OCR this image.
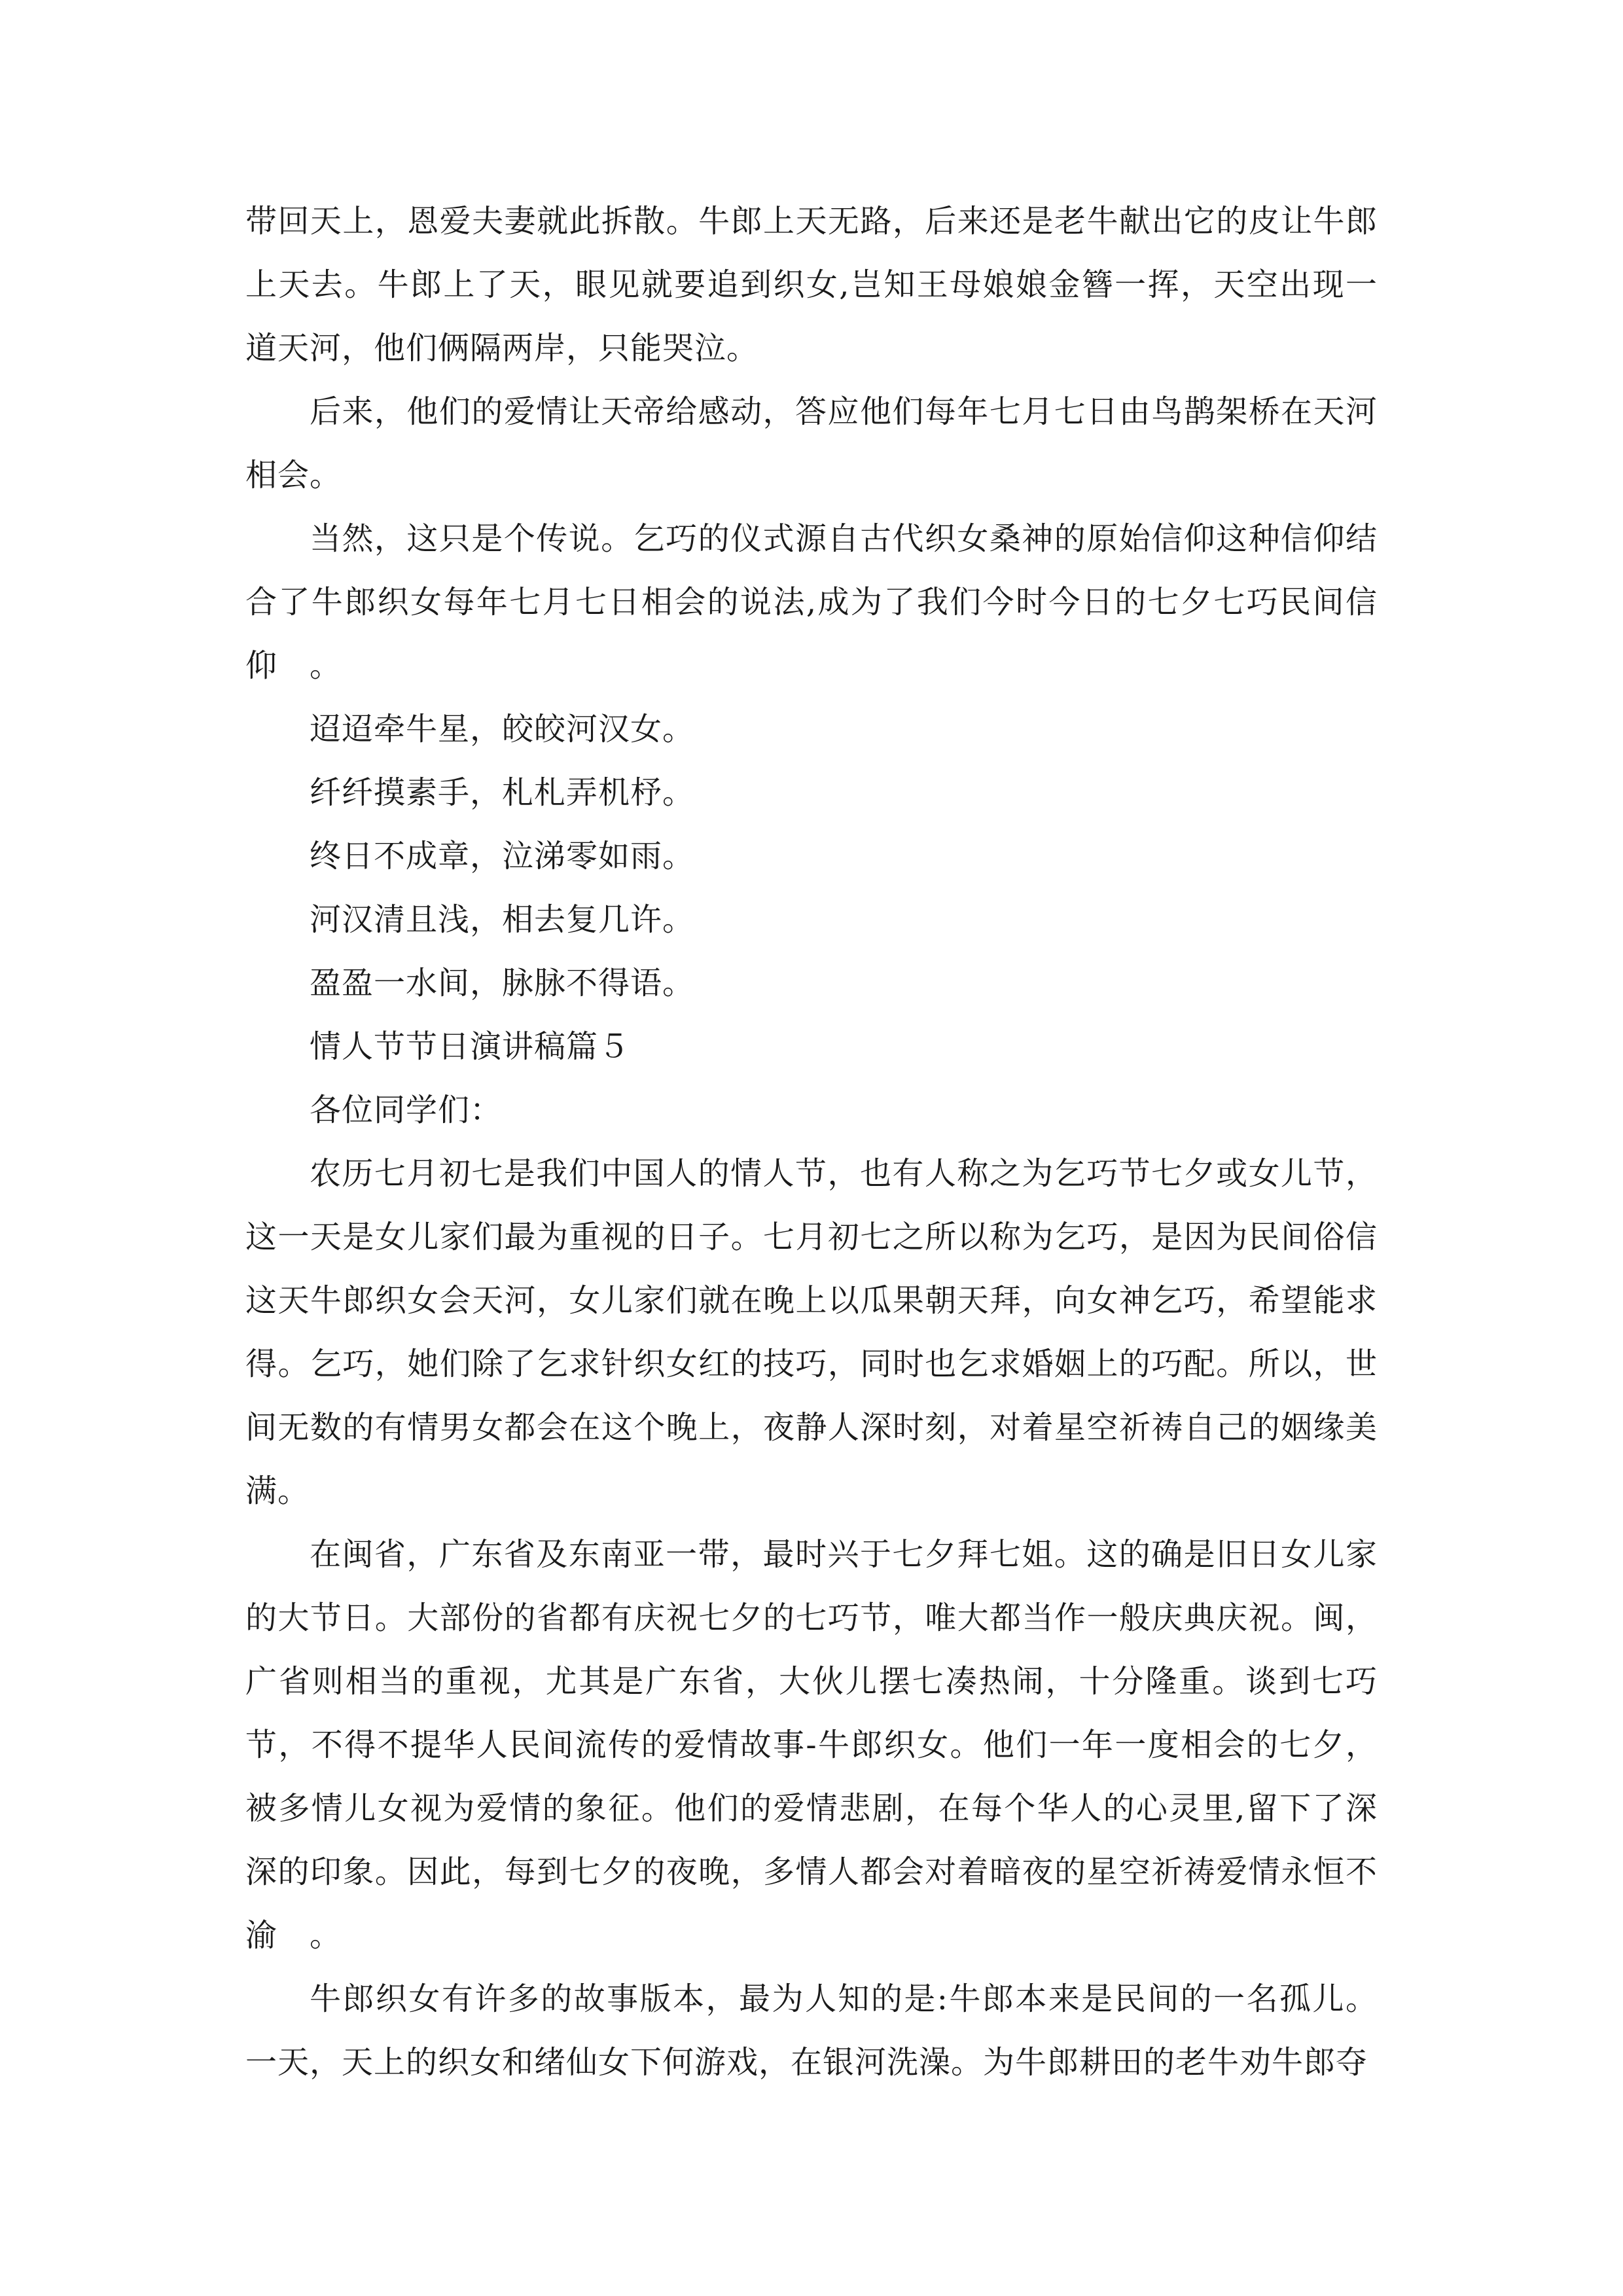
带回天上，恩爱夫妻就此拆散。牛郎上天无路，后来还是老牛献出它的皮让牛郎上天去。牛郎上了天，眼见就要追到织女,岂知王母娘娘金簪一挥，天空出现一道天河，他们俩隔两岸，只能哭泣。

后来，他们的爱情让天帝给感动，答应他们每年七月七日由鸟鹊架桥在天河相会。

当然，这只是个传说。乞巧的仪式源自古代织女桑神的原始信仰这种信仰结合了牛郎织女每年七月七日相会的说法,成为了我们今时今日的七夕七巧民间信仰　。

迢迢牵牛星，皎皎河汉女。

纤纤摸素手，札札弄机杼。

终日不成章，泣涕零如雨。

河汉清且浅，相去复几许。

盈盈一水间，脉脉不得语。

情人节节日演讲稿篇５

各位同学们：

农历七月初七是我们中国人的情人节，也有人称之为乞巧节七夕或女儿节，这一天是女儿家们最为重视的日子。七月初七之所以称为乞巧，是因为民间俗信这天牛郎织女会天河，女儿家们就在晚上以瓜果朝天拜，向女神乞巧，希望能求得。乞巧，她们除了乞求针织女红的技巧，同时也乞求婚姻上的巧配。所以，世间无数的有情男女都会在这个晚上，夜静人深时刻，对着星空祈祷自己的姻缘美满。

在闽省，广东省及东南亚一带，最时兴于七夕拜七姐。这的确是旧日女儿家的大节日。大部份的省都有庆祝七夕的七巧节，唯大都当作一般庆典庆祝。闽，广省则相当的重视，尤其是广东省，大伙儿摆七凑热闹，十分隆重。谈到七巧节，不得不提华人民间流传的爱情故事-牛郎织女。他们一年一度相会的七夕，被多情儿女视为爱情的象征。他们的爱情悲剧，在每个华人的心灵里,留下了深深的印象。因此，每到七夕的夜晚，多情人都会对着暗夜的星空祈祷爱情永恒不渝　。

牛郎织女有许多的故事版本，最为人知的是:牛郎本来是民间的一名孤儿。一天，天上的织女和绪仙女下何游戏，在银河洗澡。为牛郎耕田的老牛劝牛郎夺
